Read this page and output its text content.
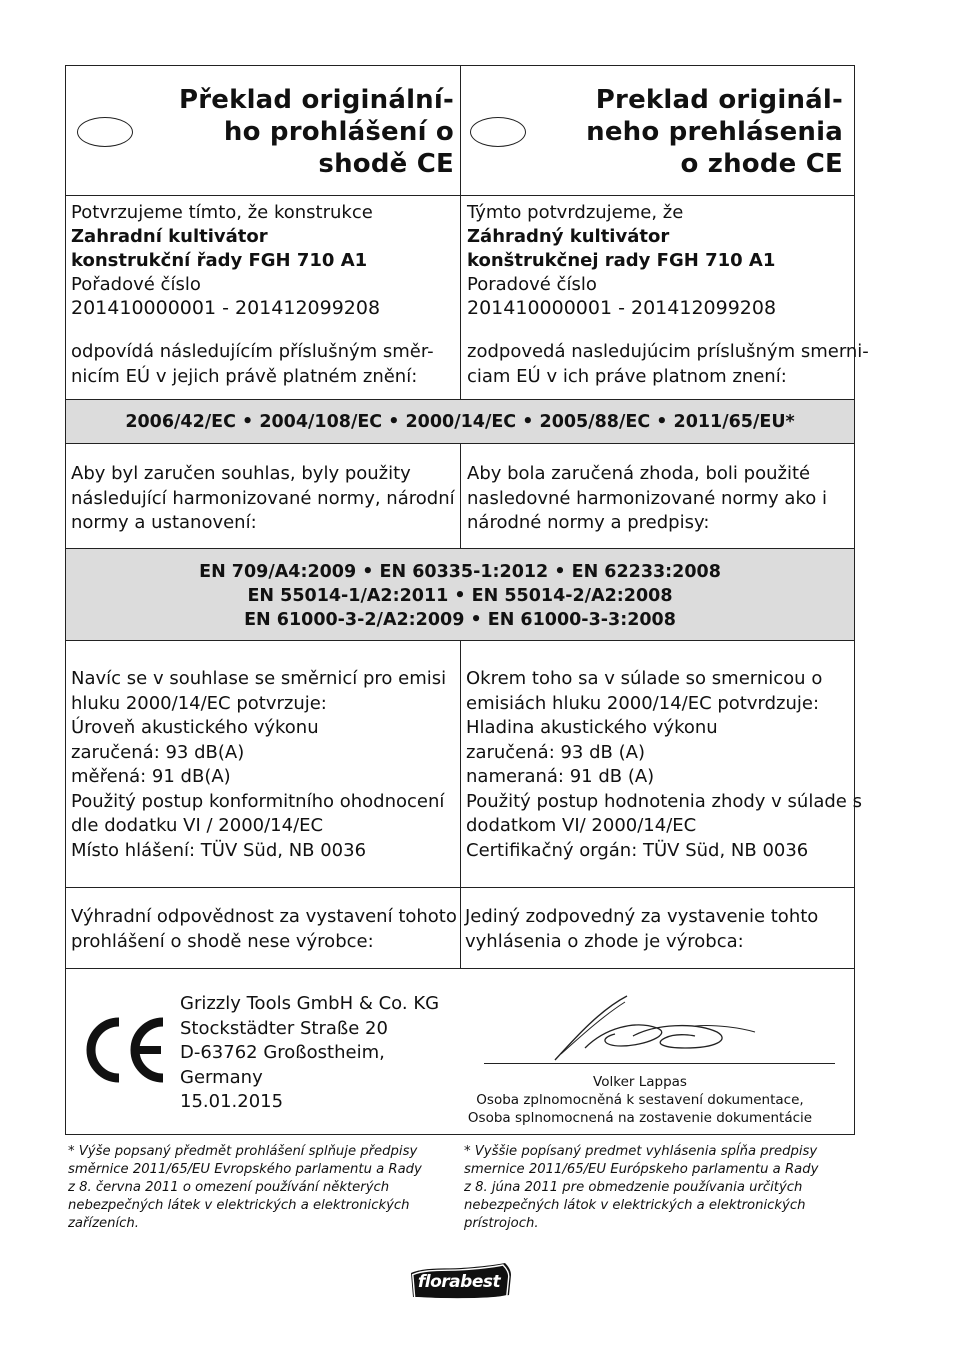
Překlad originální-
ho prohlášení o
shodě CE
Preklad originál-
neho prehlásenia
o zhode CE
Potvrzujeme tímto, že konstrukce
Zahradní kultivátor
konstrukční řady FGH 710 A1
Pořadové číslo
201410000001 - 201412099208
odpovídá následujícím příslušným směr-
nicím EÚ v jejich právě platném znění:
Týmto potvrdzujeme, že
Záhradný kultivátor
konštrukčnej rady FGH 710 A1
Poradové číslo
201410000001 - 201412099208
zodpovedá nasledujúcim príslušným smerni-
ciam EÚ v ich práve platnom znení:
2006/42/EC • 2004/108/EC • 2000/14/EC • 2005/88/EC • 2011/65/EU*
Aby byl zaručen souhlas, byly použity
následující harmonizované normy, národní
normy a ustanovení:
Aby bola zaručená zhoda, boli použité
nasledovné harmonizované normy ako i
národné normy a predpisy:
EN 709/A4:2009 • EN 60335-1:2012 • EN 62233:2008
EN 55014-1/A2:2011 • EN 55014-2/A2:2008
EN 61000-3-2/A2:2009 • EN 61000-3-3:2008
Navíc se v souhlase se směrnicí pro emisi
hluku 2000/14/EC potvrzuje:
Úroveň akustického výkonu
zaručená: 93 dB(A)
měřená: 91 dB(A)
Použitý postup konformitního ohodnocení
dle dodatku VI / 2000/14/EC
Místo hlášení: TÜV Süd, NB 0036
Okrem toho sa v súlade so smernicou o
emisiách hluku 2000/14/EC potvrdzuje:
Hladina akustického výkonu
zaručená: 93 dB (A)
nameraná: 91 dB (A)
Použitý postup hodnotenia zhody v súlade s
dodatkom VI/ 2000/14/EC
Certifikačný orgán: TÜV Süd, NB 0036
Výhradní odpovědnost za vystavení tohoto
prohlášení o shodě nese výrobce:
Jediný zodpovedný za vystavenie tohto
vyhlásenia o zhode je výrobca:
Grizzly Tools GmbH & Co. KG
Stockstädter Straße 20
D-63762 Großostheim,
Germany
15.01.2015
Volker Lappas
Osoba zplnomocněná k sestavení dokumentace,
Osoba splnomocnená na zostavenie dokumentácie
* Výše popsaný předmět prohlášení splňuje předpisy
směrnice 2011/65/EU Evropského parlamentu a Rady
z 8. června 2011 o omezení používání některých
nebezpečných látek v elektrických a elektronických
zařízeních.
* Vyššie popísaný predmet vyhlásenia spĺňa predpisy
smernice 2011/65/EU Európskeho parlamentu a Rady
z 8. júna 2011 pre obmedzenie používania určitých
nebezpečných látok v elektrických a elektronických
prístrojoch.
florabest
